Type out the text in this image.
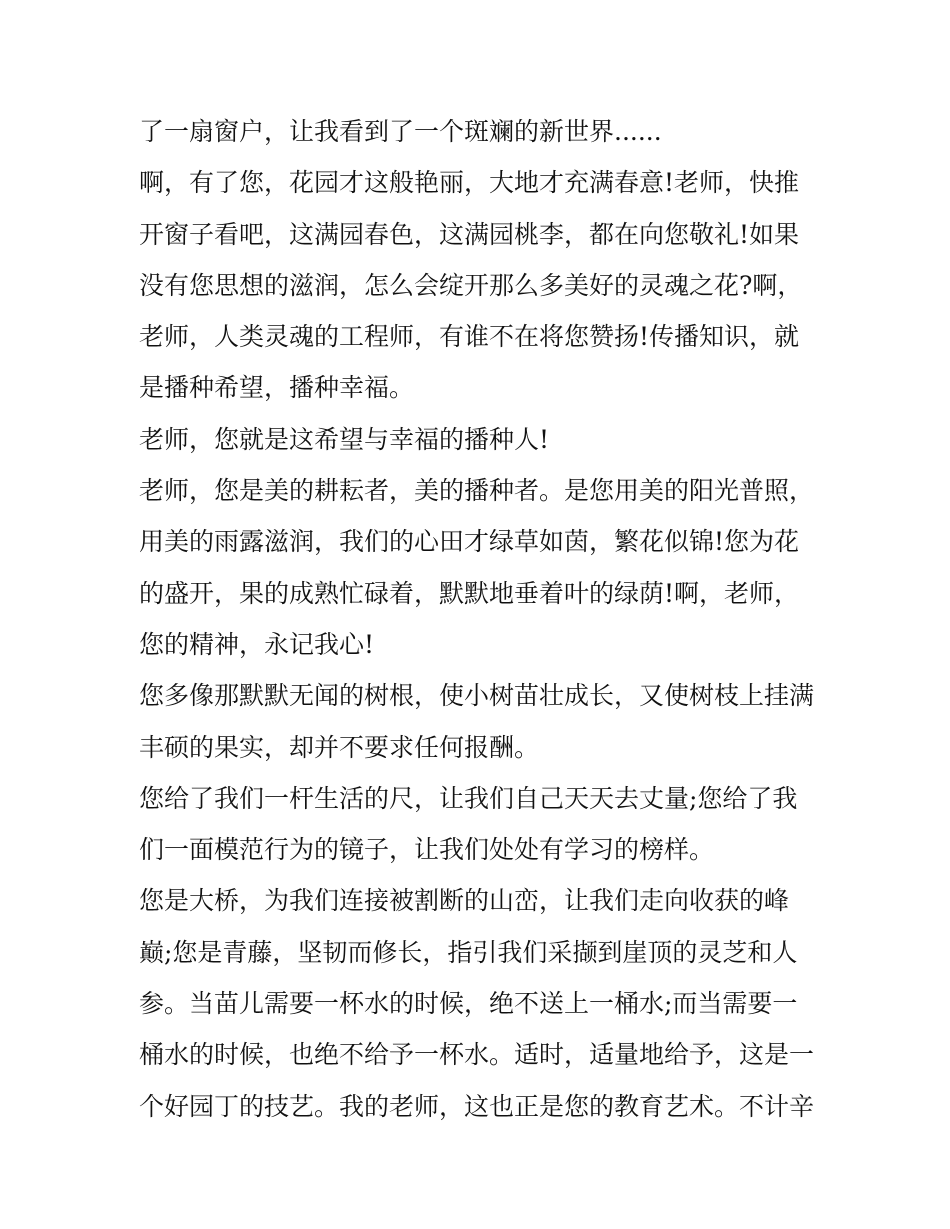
了一扇窗户，让我看到了一个斑斓的新世界......
啊，有了您，花园才这般艳丽，大地才充满春意!老师，快推
开窗子看吧，这满园春色，这满园桃李，都在向您敬礼!如果
没有您思想的滋润，怎么会绽开那么多美好的灵魂之花?啊，
老师，人类灵魂的工程师，有谁不在将您赞扬!传播知识，就
是播种希望，播种幸福。
老师，您就是这希望与幸福的播种人!
老师，您是美的耕耘者，美的播种者。是您用美的阳光普照，
用美的雨露滋润，我们的心田才绿草如茵，繁花似锦!您为花
的盛开，果的成熟忙碌着，默默地垂着叶的绿荫!啊，老师，
您的精神，永记我心!
您多像那默默无闻的树根，使小树苗壮成长，又使树枝上挂满
丰硕的果实，却并不要求任何报酬。
您给了我们一杆生活的尺，让我们自己天天去丈量;您给了我
们一面模范行为的镜子，让我们处处有学习的榜样。
您是大桥，为我们连接被割断的山峦，让我们走向收获的峰
巅;您是青藤，坚韧而修长，指引我们采撷到崖顶的灵芝和人
参。当苗儿需要一杯水的时候，绝不送上一桶水;而当需要一
桶水的时候，也绝不给予一杯水。适时，适量地给予，这是一
个好园丁的技艺。我的老师，这也正是您的教育艺术。不计辛
